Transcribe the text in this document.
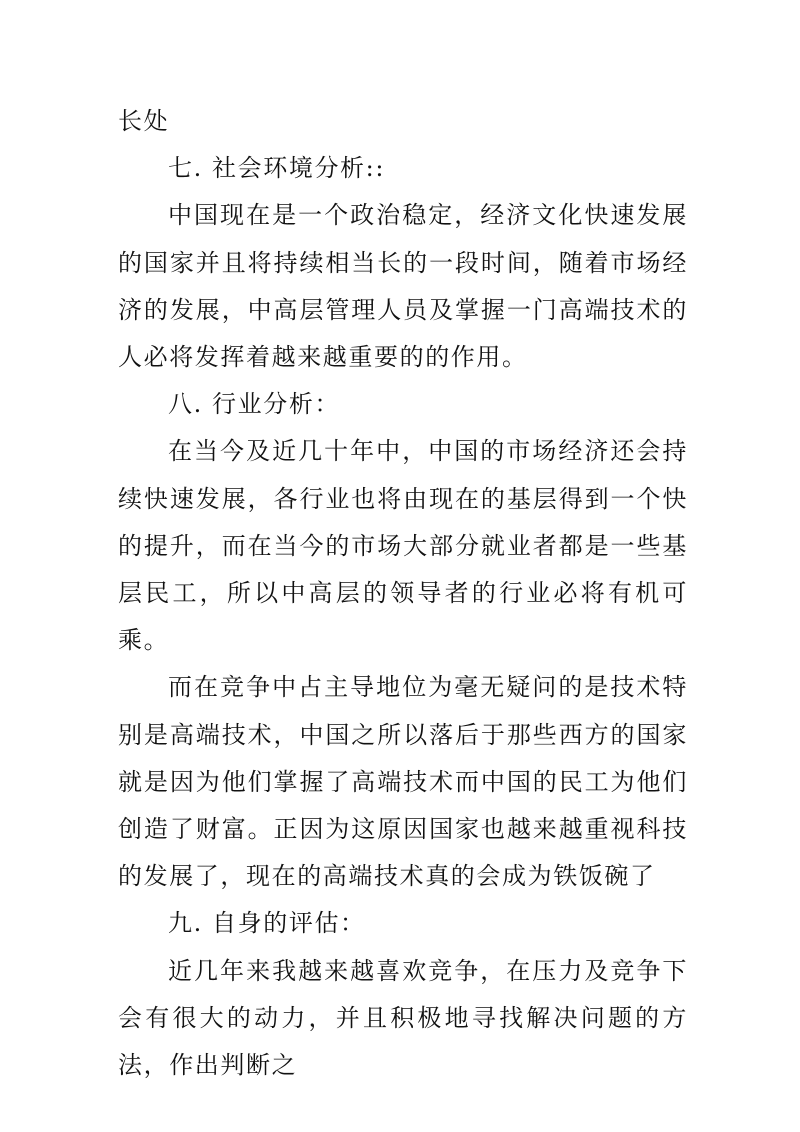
长处

七. 社会环境分析::

中国现在是一个政治稳定，经济文化快速发展的国家并且将持续相当长的一段时间，随着市场经济的发展，中高层管理人员及掌握一门高端技术的人必将发挥着越来越重要的的作用。

八. 行业分析：

在当今及近几十年中，中国的市场经济还会持续快速发展，各行业也将由现在的基层得到一个快的提升，而在当今的市场大部分就业者都是一些基层民工，所以中高层的领导者的行业必将有机可乘。

而在竞争中占主导地位为毫无疑问的是技术特别是高端技术，中国之所以落后于那些西方的国家就是因为他们掌握了高端技术而中国的民工为他们创造了财富。正因为这原因国家也越来越重视科技的发展了，现在的高端技术真的会成为铁饭碗了

九. 自身的评估：

近几年来我越来越喜欢竞争，在压力及竞争下会有很大的动力，并且积极地寻找解决问题的方法，作出判断之
